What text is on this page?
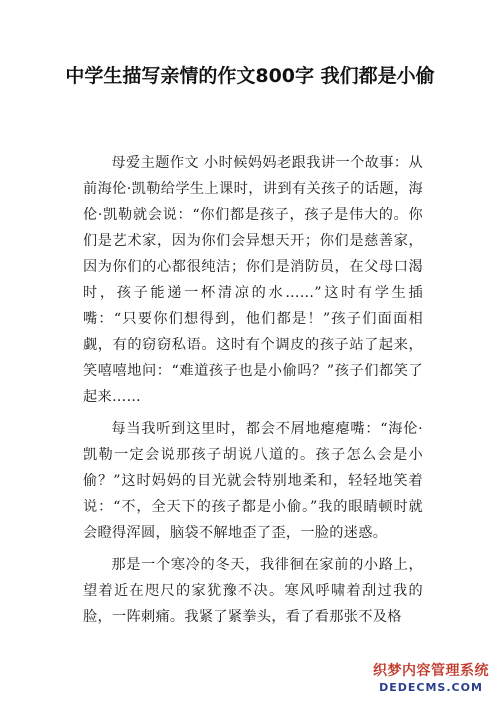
中学生描写亲情的作文800字 我们都是小偷

母爱主题作文 小时候妈妈老跟我讲一个故事：从前海伦·凯勒给学生上课时，讲到有关孩子的话题，海伦·凯勒就会说：“你们都是孩子，孩子是伟大的。你们是艺术家，因为你们会异想天开；你们是慈善家，因为你们的心都很纯洁；你们是消防员，在父母口渴时，孩子能递一杯清凉的水……”这时有学生插嘴：“只要你们想得到，他们都是！”孩子们面面相觑，有的窃窃私语。这时有个调皮的孩子站了起来，笑嘻嘻地问：“难道孩子也是小偷吗？”孩子们都笑了起来……

每当我听到这里时，都会不屑地瘪瘪嘴：“海伦·凯勒一定会说那孩子胡说八道的。孩子怎么会是小偷？”这时妈妈的目光就会特别地柔和，轻轻地笑着说：“不，全天下的孩子都是小偷。”我的眼睛顿时就会瞪得浑圆，脑袋不解地歪了歪，一脸的迷惑。

那是一个寒冷的冬天，我徘徊在家前的小路上，望着近在咫尺的家犹豫不决。寒风呼啸着刮过我的脸，一阵刺痛。我紧了紧拳头，看了看那张不及格

织梦内容管理系统
DEDECMS.COM
